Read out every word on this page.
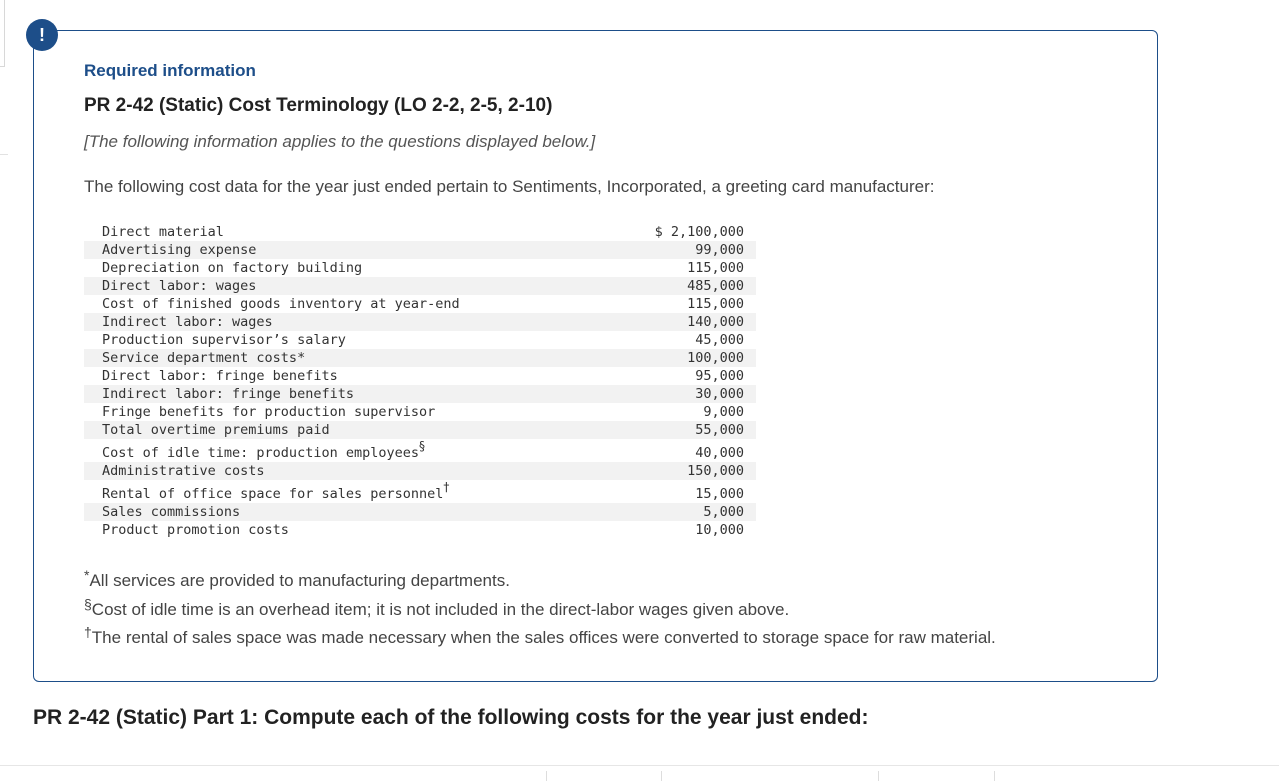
!
Required information
PR 2-42 (Static) Cost Terminology (LO 2-2, 2-5, 2-10)

[The following information applies to the questions displayed below.]

The following cost data for the year just ended pertain to Sentiments, Incorporated, a greeting card manufacturer:

Direct material	$ 2,100,000
Advertising expense	99,000
Depreciation on factory building	115,000
Direct labor: wages	485,000
Cost of finished goods inventory at year-end	115,000
Indirect labor: wages	140,000
Production supervisor’s salary	45,000
Service department costs*	100,000
Direct labor: fringe benefits	95,000
Indirect labor: fringe benefits	30,000
Fringe benefits for production supervisor	9,000
Total overtime premiums paid	55,000
Cost of idle time: production employees§	40,000
Administrative costs	150,000
Rental of office space for sales personnel†	15,000
Sales commissions	5,000
Product promotion costs	10,000

*All services are provided to manufacturing departments.

§Cost of idle time is an overhead item; it is not included in the direct-labor wages given above.

†The rental of sales space was made necessary when the sales offices were converted to storage space for raw material.

PR 2-42 (Static) Part 1: Compute each of the following costs for the year just ended:
